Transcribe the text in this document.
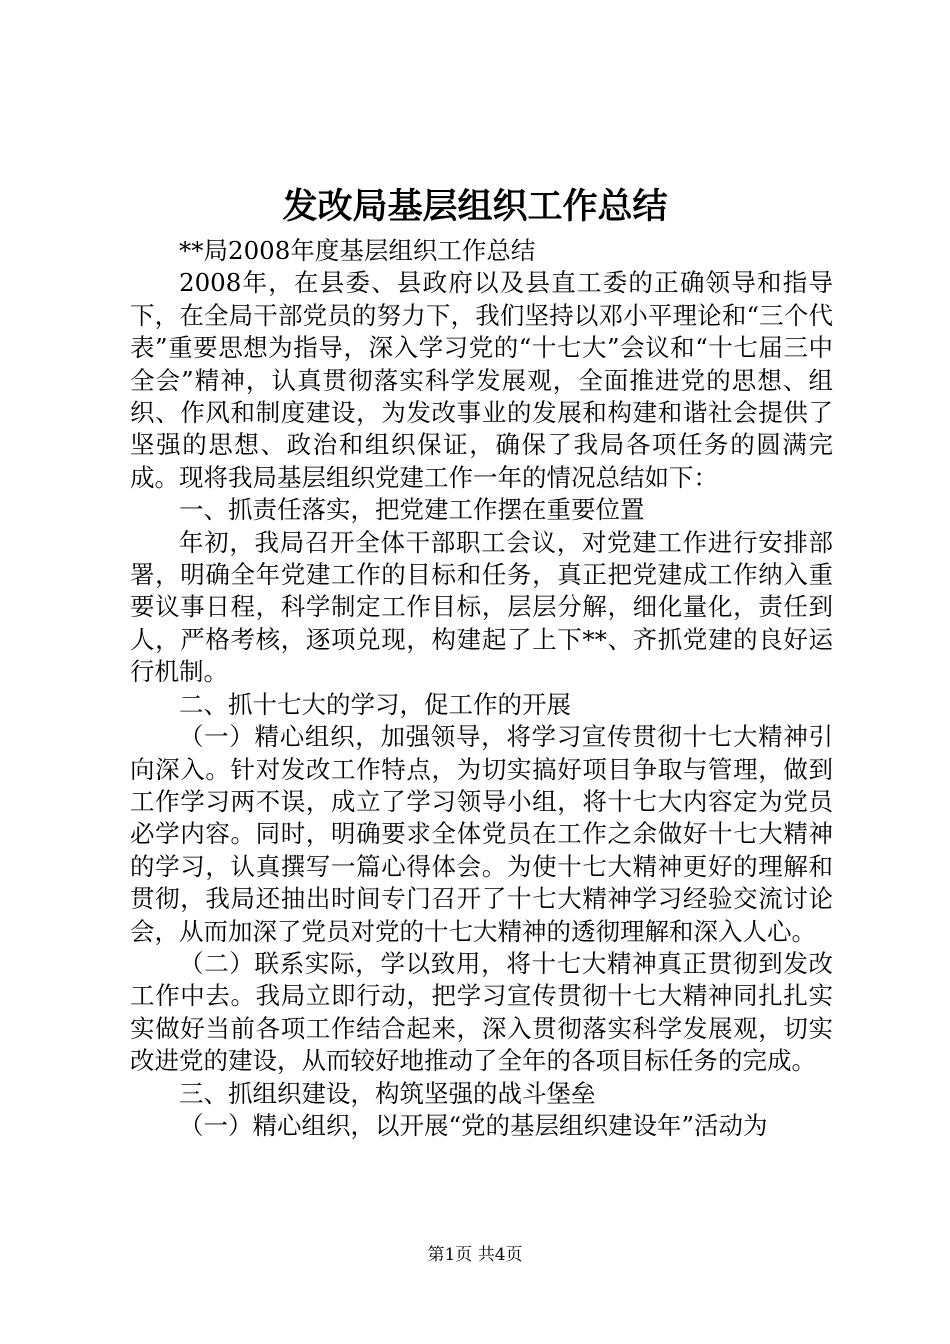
发改局基层组织工作总结

**局2008年度基层组织工作总结

2008年，在县委、县政府以及县直工委的正确领导和指导下，在全局干部党员的努力下，我们坚持以邓小平理论和“三个代表”重要思想为指导，深入学习党的“十七大”会议和“十七届三中全会”精神，认真贯彻落实科学发展观，全面推进党的思想、组织、作风和制度建设，为发改事业的发展和构建和谐社会提供了坚强的思想、政治和组织保证，确保了我局各项任务的圆满完成。现将我局基层组织党建工作一年的情况总结如下：

一、抓责任落实，把党建工作摆在重要位置

年初，我局召开全体干部职工会议，对党建工作进行安排部署，明确全年党建工作的目标和任务，真正把党建成工作纳入重要议事日程，科学制定工作目标，层层分解，细化量化，责任到人，严格考核，逐项兑现，构建起了上下**、齐抓党建的良好运行机制。

二、抓十七大的学习，促工作的开展

（一）精心组织，加强领导，将学习宣传贯彻十七大精神引向深入。针对发改工作特点，为切实搞好项目争取与管理，做到工作学习两不误，成立了学习领导小组，将十七大内容定为党员必学内容。同时，明确要求全体党员在工作之余做好十七大精神的学习，认真撰写一篇心得体会。为使十七大精神更好的理解和贯彻，我局还抽出时间专门召开了十七大精神学习经验交流讨论会，从而加深了党员对党的十七大精神的透彻理解和深入人心。

（二）联系实际，学以致用，将十七大精神真正贯彻到发改工作中去。我局立即行动，把学习宣传贯彻十七大精神同扎扎实实做好当前各项工作结合起来，深入贯彻落实科学发展观，切实改进党的建设，从而较好地推动了全年的各项目标任务的完成。

三、抓组织建设，构筑坚强的战斗堡垒

（一）精心组织，以开展“党的基层组织建设年”活动为

第1页 共4页
